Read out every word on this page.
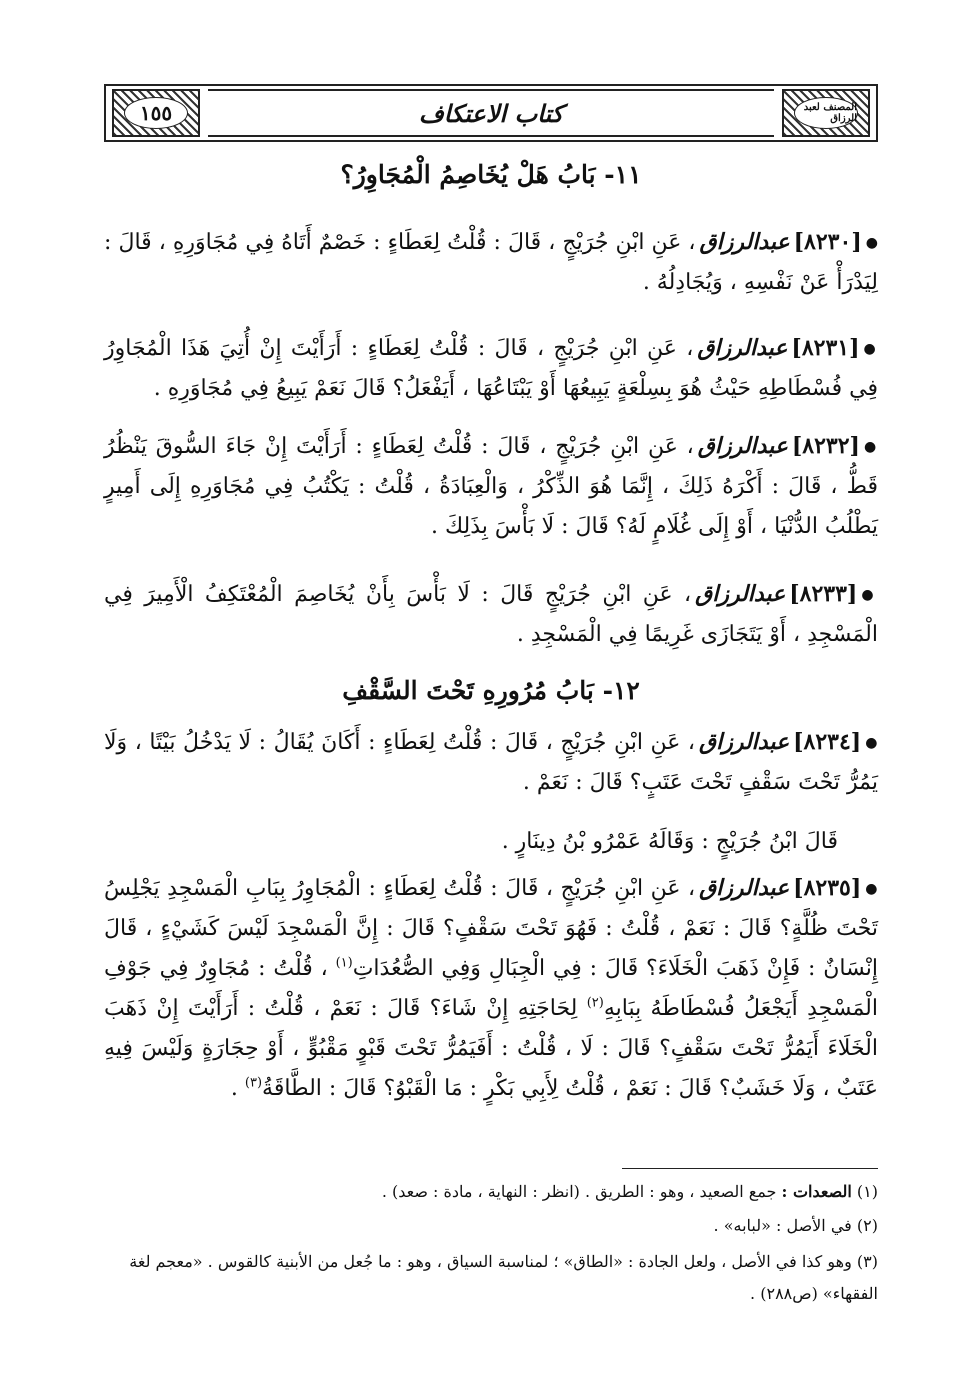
المصنف لعبد الرزاق
كتاب الاعتكاف
١٥٥
١١- بَابُ هَلْ يُخَاصِمُ الْمُجَاوِرُ؟
●[٨٢٣٠]عبدالرزاق، عَنِ ابْنِ جُرَيْجٍ ، قَالَ : قُلْتُ لِعَطَاءٍ : خَصْمٌ أَتَاهُ فِي مُجَاوَرِهِ ، قَالَ : لِيَدْرَأْ عَنْ نَفْسِهِ ، وَيُجَادِلُهُ .
●[٨٢٣١]عبدالرزاق، عَنِ ابْنِ جُرَيْجٍ ، قَالَ : قُلْتُ لِعَطَاءٍ : أَرَأَيْتَ إِنْ أُتِيَ هَذَا الْمُجَاوِرُ فِي فُسْطَاطِهِ حَيْثُ هُوَ بِسِلْعَةٍ يَبِيعُهَا أَوْ يَبْتَاعُهَا ، أَيَفْعَلُ؟ قَالَ نَعَمْ يَبِيعُ فِي مُجَاوَرِهِ .
●[٨٢٣٢]عبدالرزاق، عَنِ ابْنِ جُرَيْجٍ ، قَالَ : قُلْتُ لِعَطَاءٍ : أَرَأَيْتَ إِنْ جَاءَ السُّوقَ يَنْظُرُ قَطُّ ، قَالَ : أَكْرَهُ ذَلِكَ ، إِنَّمَا هُوَ الذِّكْرُ ، وَالْعِبَادَةُ ، قُلْتُ : يَكْتُبُ فِي مُجَاوَرِهِ إِلَى أَمِيرٍ يَطْلُبُ الدُّنْيَا ، أَوْ إِلَى غُلَامٍ لَهُ؟ قَالَ : لَا بَأْسَ بِذَلِكَ .
●[٨٢٣٣]عبدالرزاق، عَنِ ابْنِ جُرَيْجٍ قَالَ : لَا بَأْسَ بِأَنْ يُخَاصِمَ الْمُعْتَكِفُ الْأَمِيرَ فِي الْمَسْجِدِ ، أَوْ يَتَجَازَى غَرِيمًا فِي الْمَسْجِدِ .
١٢- بَابُ مُرُورِهِ تَحْتَ السَّقْفِ
●[٨٢٣٤]عبدالرزاق، عَنِ ابْنِ جُرَيْجٍ ، قَالَ : قُلْتُ لِعَطَاءٍ : أَكَانَ يُقَالُ : لَا يَدْخُلُ بَيْتًا ، وَلَا يَمُرُّ تَحْتَ سَقْفٍ تَحْتَ عَتَبٍ؟ قَالَ : نَعَمْ .
قَالَ ابْنُ جُرَيْجٍ : وَقَالَهُ عَمْرُو بْنُ دِينَارٍ .
●[٨٢٣٥]عبدالرزاق، عَنِ ابْنِ جُرَيْجٍ ، قَالَ : قُلْتُ لِعَطَاءٍ : الْمُجَاوِرُ بِبَابِ الْمَسْجِدِ يَجْلِسُ تَحْتَ ظُلَّةٍ؟ قَالَ : نَعَمْ ، قُلْتُ : فَهُوَ تَحْتَ سَقْفٍ؟ قَالَ : إِنَّ الْمَسْجِدَ لَيْسَ كَشَيْءٍ ، قَالَ إِنْسَانٌ : فَإِنْ ذَهَبَ الْخَلَاءَ؟ قَالَ : فِي الْجِبَالِ وَفِي الصُّعُدَاتِ$^{(١)}$ ، قُلْتُ : مُجَاوِرٌ فِي جَوْفِ الْمَسْجِدِ أَيَجْعَلُ فُسْطَاطَهُ بِبَابِهِ$^{(٢)}$ لِحَاجَتِهِ إِنْ شَاءَ؟ قَالَ : نَعَمْ ، قُلْتُ : أَرَأَيْتَ إِنْ ذَهَبَ الْخَلَاءَ أَيَمُرُّ تَحْتَ سَقْفٍ؟ قَالَ : لَا ، قُلْتُ : أَفَيَمُرُّ تَحْتَ قَبْوٍ مَقْبُوٍّ ، أَوْ حِجَارَةٍ وَلَيْسَ فِيهِ عَتَبٌ ، وَلَا خَشَبٌ؟ قَالَ : نَعَمْ ، قُلْتُ لِأَبِي بَكْرٍ : مَا الْقَبْوُ؟ قَالَ : الطَّاقَةُ$^{(٣)}$ .
(١) الصعدات : جمع الصعيد ، وهو : الطريق . (انظر : النهاية ، مادة : صعد) .
(٢) في الأصل : «لبابه» .
(٣) وهو كذا في الأصل ، ولعل الجادة : «الطاق» ؛ لمناسبة السياق ، وهو : ما جُعل من الأبنية كالقوس . «معجم لغة الفقهاء» (ص٢٨٨) .
